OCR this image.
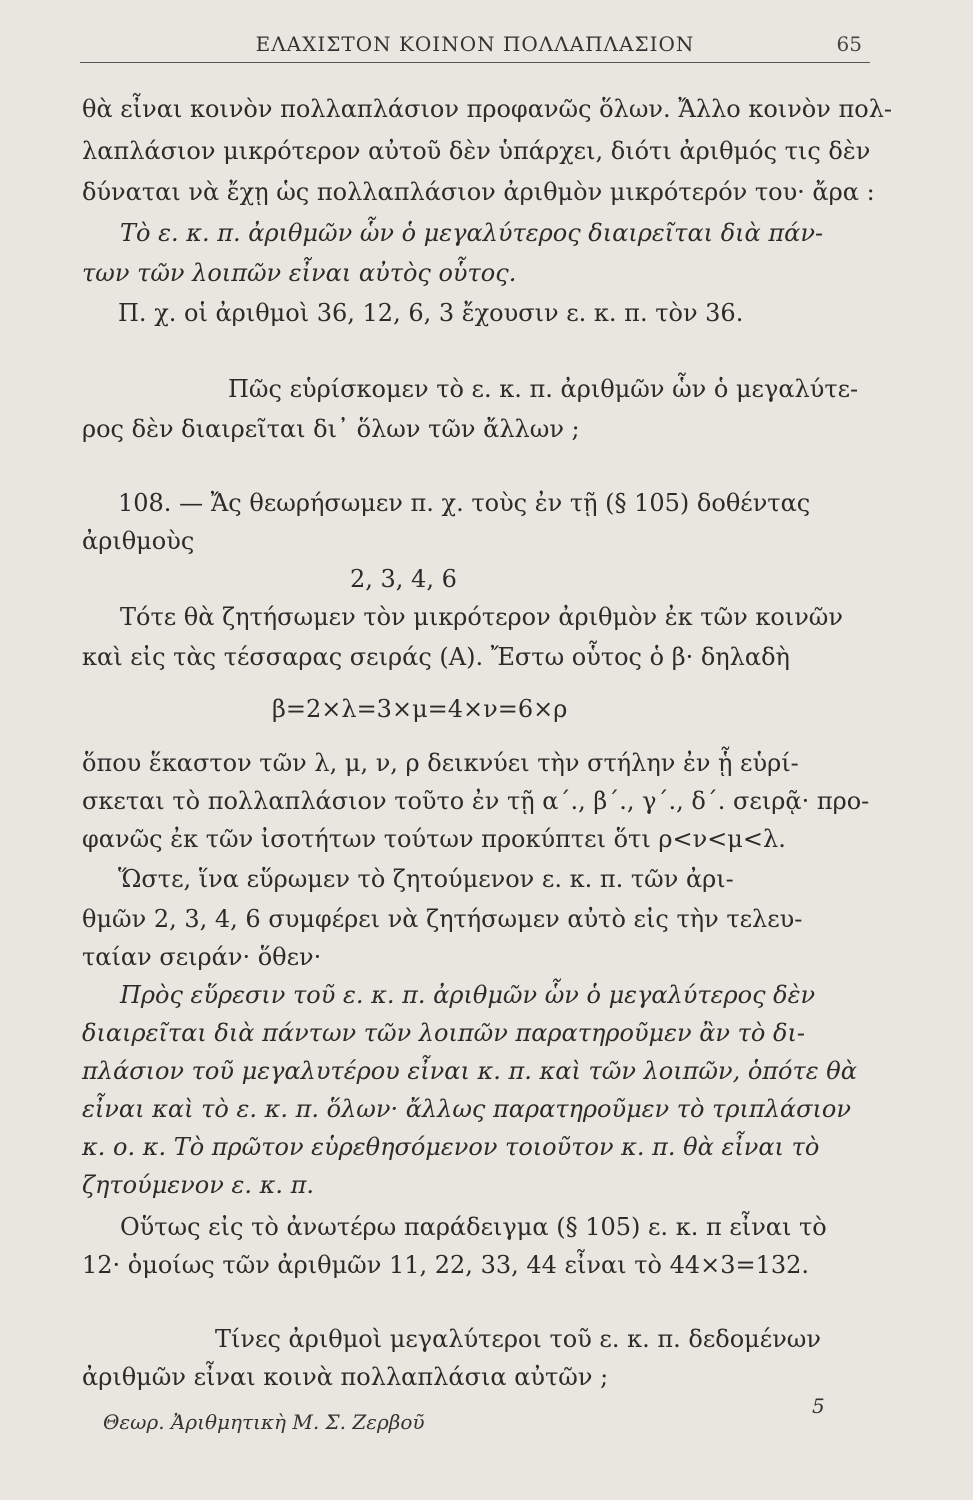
ΕΛΑΧΙΣΤΟΝ ΚΟΙΝΟΝ ΠΟΛΛΑΠΛΑΣΙΟΝ	65
θὰ εἶναι κοινὸν πολλαπλάσιον προφανῶς ὅλων. Ἄλλο κοινὸν πολ-
λαπλάσιον μικρότερον αὐτοῦ δὲν ὑπάρχει, διότι ἀριθμός τις δὲν
δύναται νὰ ἔχῃ ὡς πολλαπλάσιον ἀριθμὸν μικρότερόν του· ἄρα :
Τὸ ε. κ. π. ἀριθμῶν ὧν ὁ μεγαλύτερος διαιρεῖται διὰ πάν-
των τῶν λοιπῶν εἶναι αὐτὸς οὗτος.
Π. χ. οἱ ἀριθμοὶ 36, 12, 6, 3 ἔχουσιν ε. κ. π. τὸν 36.
Πῶς εὑρίσκομεν τὸ ε. κ. π. ἀριθμῶν ὧν ὁ μεγαλύτε-
ρος δὲν διαιρεῖται δι᾽ ὅλων τῶν ἄλλων ;
108. — Ἄς θεωρήσωμεν π. χ. τοὺς ἐν τῇ (§ 105) δοθέντας
ἀριθμοὺς
2, 3, 4, 6
Τότε θὰ ζητήσωμεν τὸν μικρότερον ἀριθμὸν ἐκ τῶν κοινῶν
καὶ εἰς τὰς τέσσαρας σειράς (Α). Ἔστω οὗτος ὁ β· δηλαδὴ
β=2×λ=3×μ=4×ν=6×ρ
ὅπου ἕκαστον τῶν λ, μ, ν, ρ δεικνύει τὴν στήλην ἐν ᾗ εὑρί-
σκεται τὸ πολλαπλάσιον τοῦτο ἐν τῇ α΄., β΄., γ΄., δ΄. σειρᾷ· προ-
φανῶς ἐκ τῶν ἰσοτήτων τούτων προκύπτει ὅτι ρ<ν<μ<λ.
Ὥστε, ἵνα εὕρωμεν τὸ ζητούμενον ε. κ. π. τῶν ἀρι-
θμῶν 2, 3, 4, 6 συμφέρει νὰ ζητήσωμεν αὐτὸ εἰς τὴν τελευ-
ταίαν σειράν· ὅθεν·
Πρὸς εὕρεσιν τοῦ ε. κ. π. ἀριθμῶν ὧν ὁ μεγαλύτερος δὲν
διαιρεῖται διὰ πάντων τῶν λοιπῶν παρατηροῦμεν ἂν τὸ δι-
πλάσιον τοῦ μεγαλυτέρου εἶναι κ. π. καὶ τῶν λοιπῶν, ὁπότε θὰ
εἶναι καὶ τὸ ε. κ. π. ὅλων· ἄλλως παρατηροῦμεν τὸ τριπλάσιον
κ. ο. κ. Τὸ πρῶτον εὑρεθησόμενον τοιοῦτον κ. π. θὰ εἶναι τὸ
ζητούμενον ε. κ. π.
Οὕτως εἰς τὸ ἀνωτέρω παράδειγμα (§ 105) ε. κ. π εἶναι τὸ
12· ὁμοίως τῶν ἀριθμῶν 11, 22, 33, 44 εἶναι τὸ 44×3=132.
Τίνες ἀριθμοὶ μεγαλύτεροι τοῦ ε. κ. π. δεδομένων
ἀριθμῶν εἶναι κοινὰ πολλαπλάσια αὐτῶν ;
Θεωρ. Ἀριθμητικὴ Μ. Σ. Ζερβοῦ
5
